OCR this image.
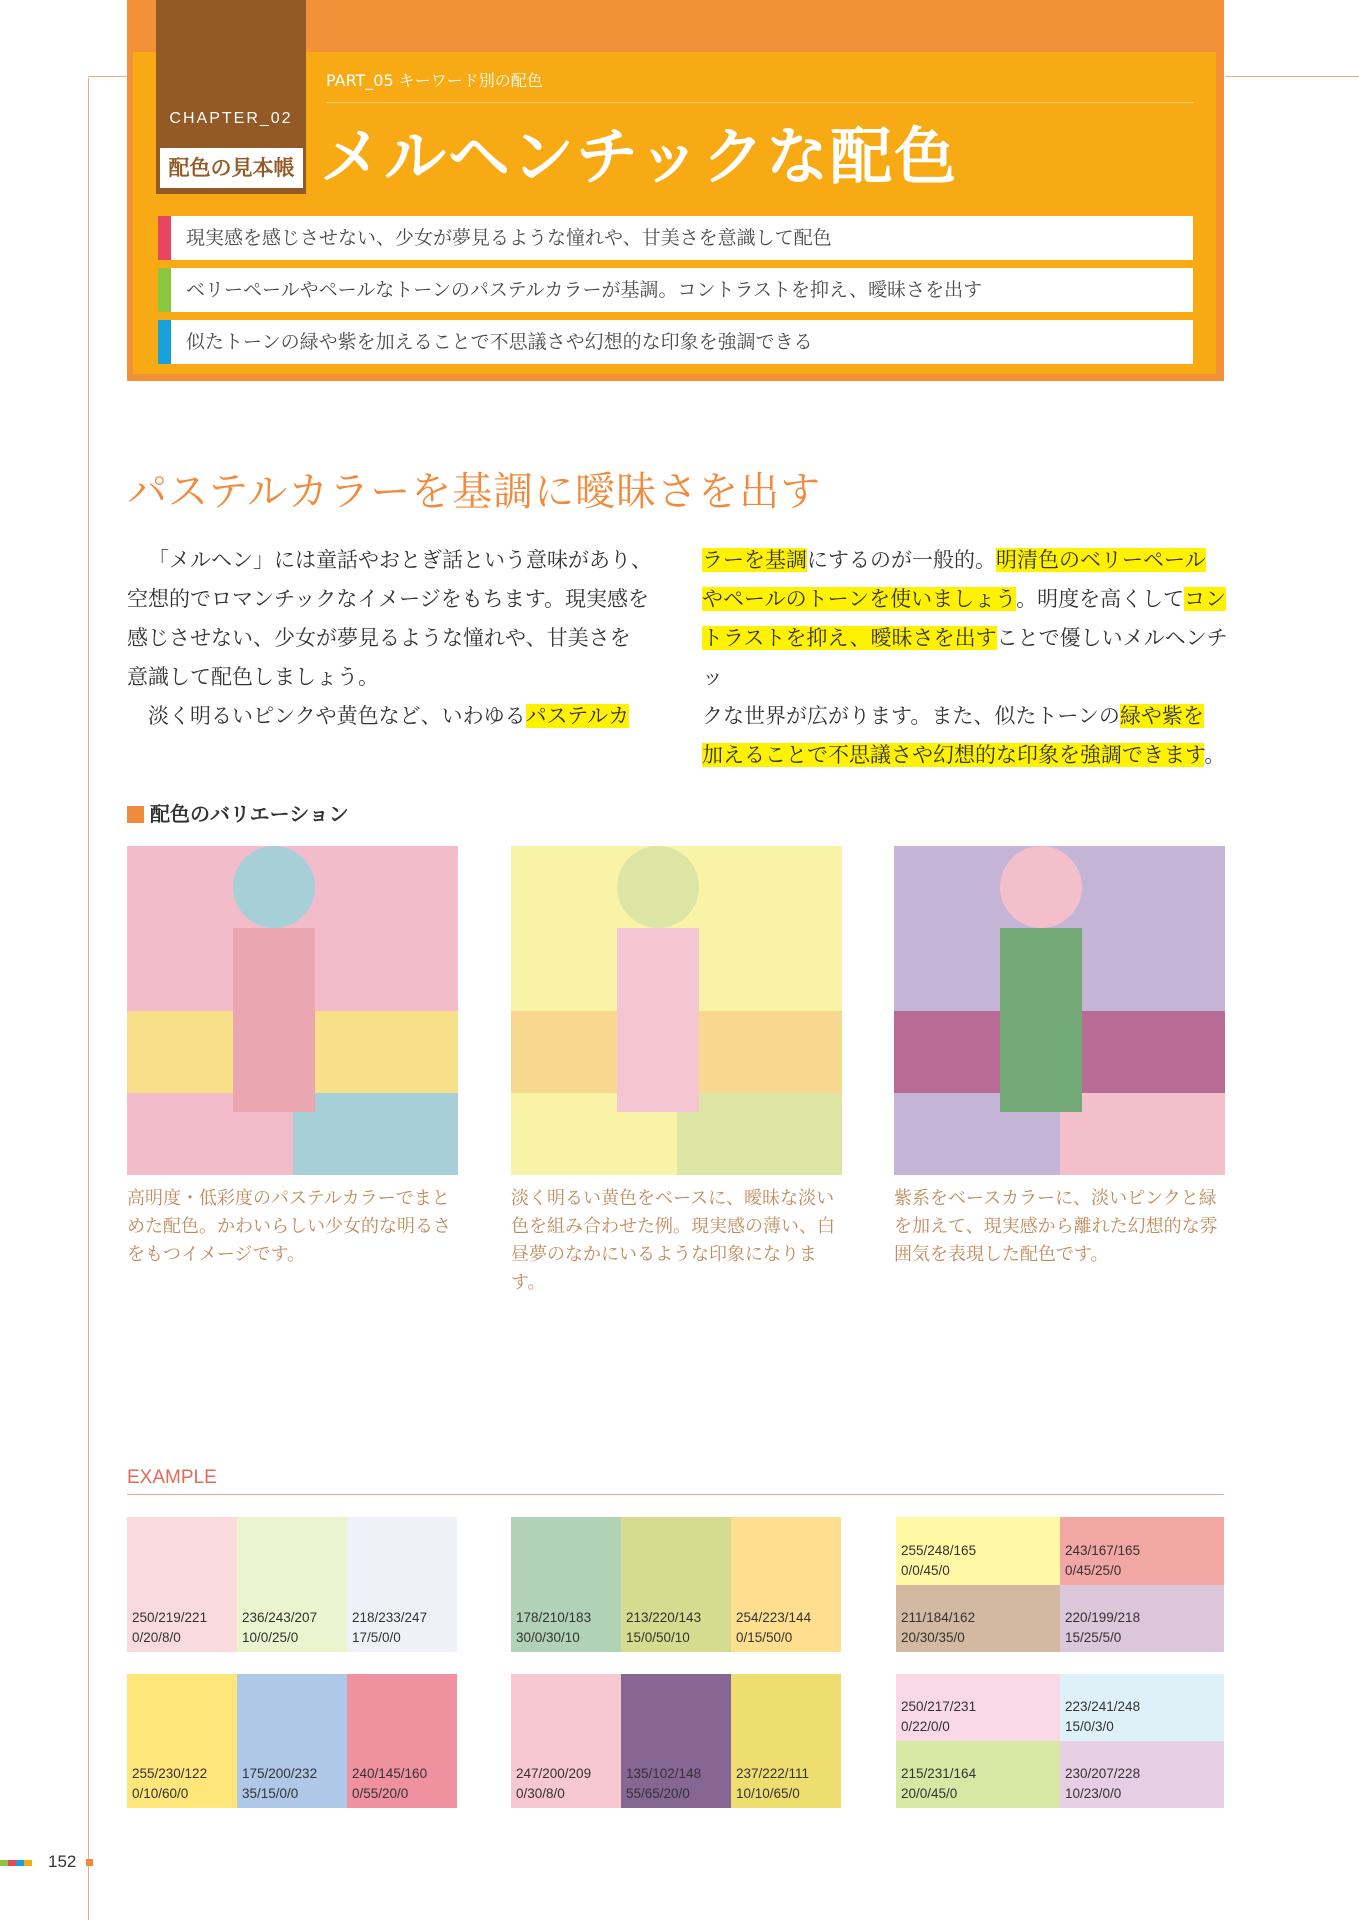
CHAPTER_02
配色の見本帳
PART_05 キーワード別の配色
メルヘンチックな配色
現実感を感じさせない、少女が夢見るような憧れや、甘美さを意識して配色
ベリーペールやペールなトーンのパステルカラーが基調。コントラストを抑え、曖昧さを出す
似たトーンの緑や紫を加えることで不思議さや幻想的な印象を強調できる
パステルカラーを基調に曖昧さを出す
「メルヘン」には童話やおとぎ話という意味があり、
空想的でロマンチックなイメージをもちます。現実感を
感じさせない、少女が夢見るような憧れや、甘美さを
意識して配色しましょう。
淡く明るいピンクや黄色など、いわゆるパステルカ
ラーを基調にするのが一般的。明清色のベリーペール
やペールのトーンを使いましょう。明度を高くしてコン
トラストを抑え、曖昧さを出すことで優しいメルヘンチッ
クな世界が広がります。また、似たトーンの緑や紫を
加えることで不思議さや幻想的な印象を強調できます。
配色のバリエーション
高明度・低彩度のパステルカラーでまと
めた配色。かわいらしい少女的な明るさ
をもつイメージです。
淡く明るい黄色をベースに、曖昧な淡い
色を組み合わせた例。現実感の薄い、白
昼夢のなかにいるような印象になります。
紫系をベースカラーに、淡いピンクと緑
を加えて、現実感から離れた幻想的な雰
囲気を表現した配色です。
EXAMPLE
250/219/221
0/20/8/0
236/243/207
10/0/25/0
218/233/247
17/5/0/0
178/210/183
30/0/30/10
213/220/143
15/0/50/10
254/223/144
0/15/50/0
255/248/165
0/0/45/0
243/167/165
0/45/25/0
211/184/162
20/30/35/0
220/199/218
15/25/5/0
255/230/122
0/10/60/0
175/200/232
35/15/0/0
240/145/160
0/55/20/0
247/200/209
0/30/8/0
135/102/148
55/65/20/0
237/222/111
10/10/65/0
250/217/231
0/22/0/0
223/241/248
15/0/3/0
215/231/164
20/0/45/0
230/207/228
10/23/0/0
152
